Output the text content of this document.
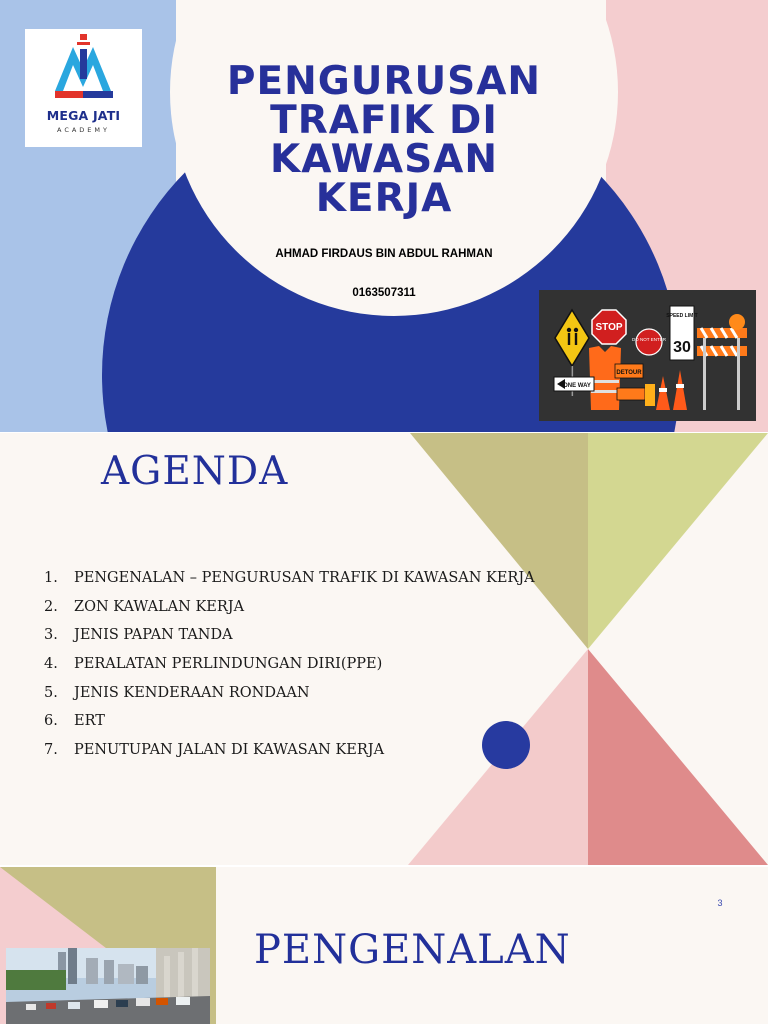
MEGA JATI
ACADEMY
PENGURUSAN
TRAFIK DI
KAWASAN
KERJA
AHMAD FIRDAUS BIN ABDUL RAHMAN
0163507311
STOP
DO NOT ENTER
SPEED LIMIT
30
DETOUR
ONE WAY
AGENDA
1. PENGENALAN – PENGURUSAN TRAFIK DI KAWASAN KERJA
2. ZON KAWALAN KERJA
3. JENIS PAPAN TANDA
4. PERALATAN PERLINDUNGAN DIRI(PPE)
5. JENIS KENDERAAN RONDAAN
6. ERT
7. PENUTUPAN JALAN DI KAWASAN KERJA
3
PENGENALAN
